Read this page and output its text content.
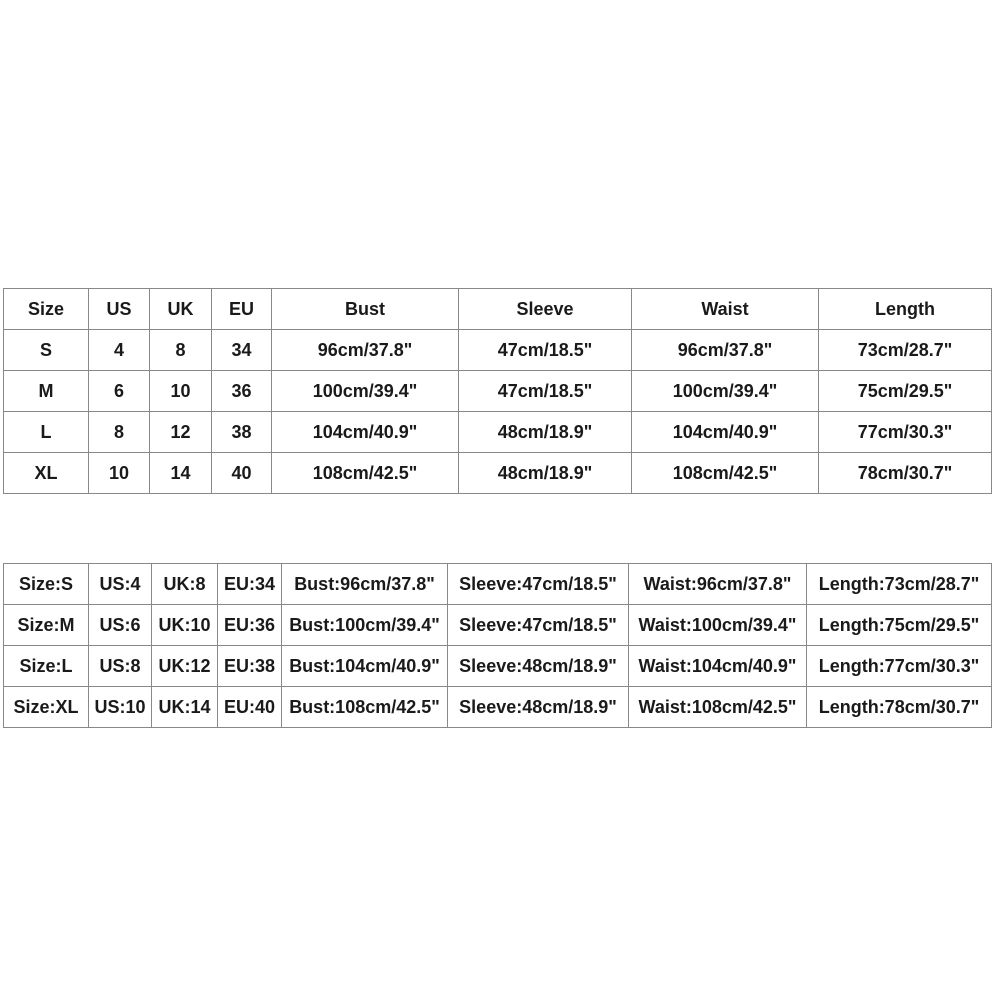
Size	US	UK	EU	Bust	Sleeve	Waist	Length
S	4	8	34	96cm/37.8"	47cm/18.5"	96cm/37.8"	73cm/28.7"
M	6	10	36	100cm/39.4"	47cm/18.5"	100cm/39.4"	75cm/29.5"
L	8	12	38	104cm/40.9"	48cm/18.9"	104cm/40.9"	77cm/30.3"
XL	10	14	40	108cm/42.5"	48cm/18.9"	108cm/42.5"	78cm/30.7"
Size:S	US:4	UK:8	EU:34	Bust:96cm/37.8"	Sleeve:47cm/18.5"	Waist:96cm/37.8"	Length:73cm/28.7"
Size:M	US:6	UK:10	EU:36	Bust:100cm/39.4"	Sleeve:47cm/18.5"	Waist:100cm/39.4"	Length:75cm/29.5"
Size:L	US:8	UK:12	EU:38	Bust:104cm/40.9"	Sleeve:48cm/18.9"	Waist:104cm/40.9"	Length:77cm/30.3"
Size:XL	US:10	UK:14	EU:40	Bust:108cm/42.5"	Sleeve:48cm/18.9"	Waist:108cm/42.5"	Length:78cm/30.7"
